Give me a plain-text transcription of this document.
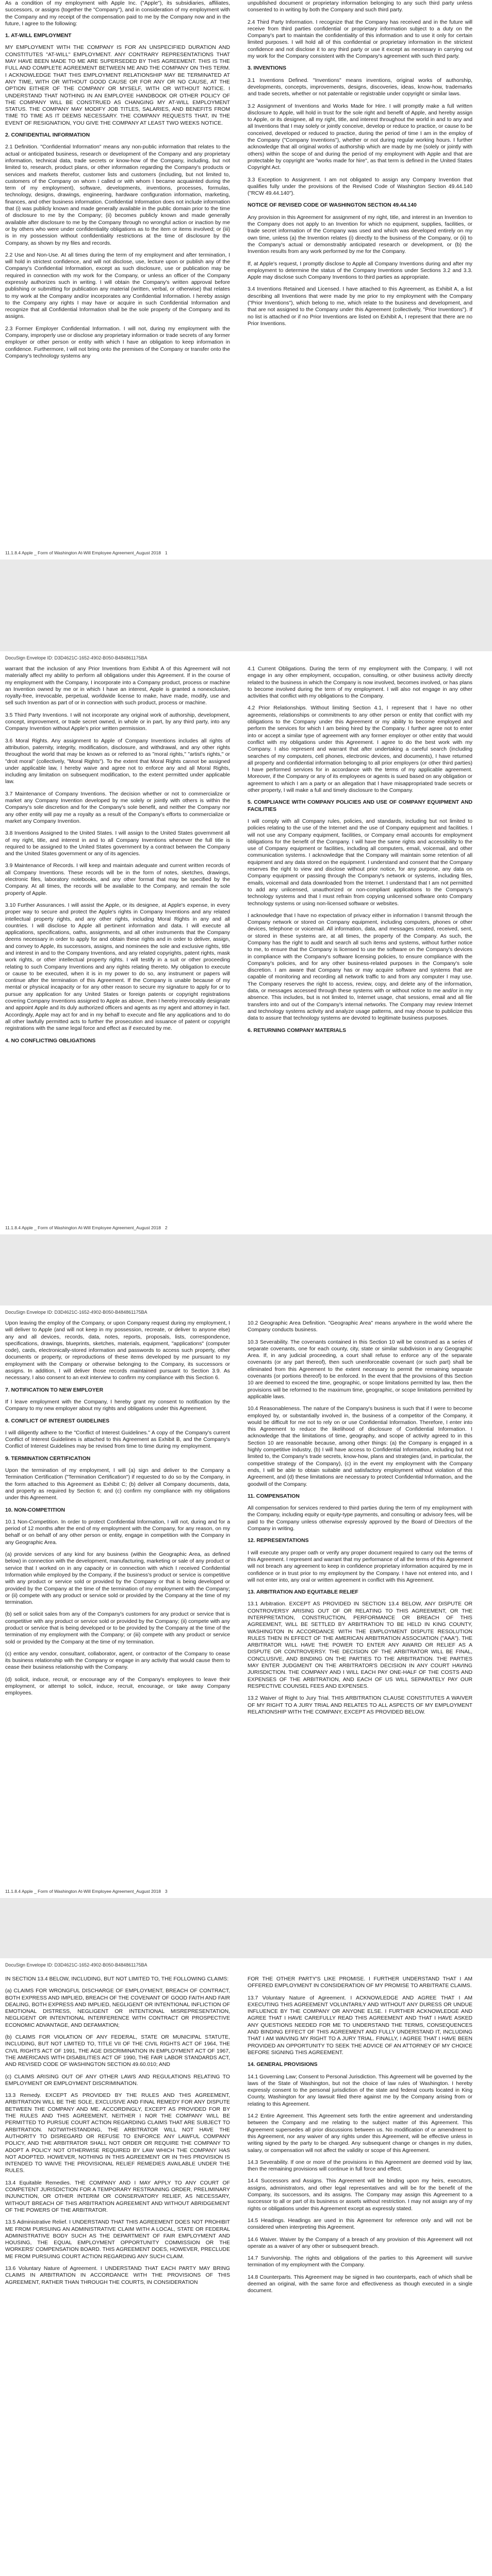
As a condition of my employment with Apple Inc. ("Apple"), its subsidiaries, affiliates, successors, or assigns (together the "Company"), and in consideration of my employment with the Company and my receipt of the compensation paid to me by the Company now and in the future, I agree to the following:

1. AT-WILL EMPLOYMENT

MY EMPLOYMENT WITH THE COMPANY IS FOR AN UNSPECIFIED DURATION AND CONSTITUTES "AT-WILL" EMPLOYMENT. ANY CONTRARY REPRESENTATIONS THAT MAY HAVE BEEN MADE TO ME ARE SUPERSEDED BY THIS AGREEMENT. THIS IS THE FULL AND COMPLETE AGREEMENT BETWEEN ME AND THE COMPANY ON THIS TERM. I ACKNOWLEDGE THAT THIS EMPLOYMENT RELATIONSHIP MAY BE TERMINATED AT ANY TIME, WITH OR WITHOUT GOOD CAUSE OR FOR ANY OR NO CAUSE, AT THE OPTION EITHER OF THE COMPANY OR MYSELF, WITH OR WITHOUT NOTICE. I UNDERSTAND THAT NOTHING IN AN EMPLOYEE HANDBOOK OR OTHER POLICY OF THE COMPANY WILL BE CONSTRUED AS CHANGING MY AT-WILL EMPLOYMENT STATUS. THE COMPANY MAY MODIFY JOB TITLES, SALARIES, AND BENEFITS FROM TIME TO TIME AS IT DEEMS NECESSARY. THE COMPANY REQUESTS THAT, IN THE EVENT OF RESIGNATION, YOU GIVE THE COMPANY AT LEAST TWO WEEKS NOTICE.

2. CONFIDENTIAL INFORMATION

2.1 Definition. "Confidential Information" means any non-public information that relates to the actual or anticipated business, research or development of the Company and any proprietary information, technical data, trade secrets or know-how of the Company, including, but not limited to, research, product plans, or other information regarding the Company's products or services and markets therefor, customer lists and customers (including, but not limited to, customers of the Company on whom I called or with whom I became acquainted during the term of my employment), software, developments, inventions, processes, formulas, technology, designs, drawings, engineering, hardware configuration information, marketing, finances, and other business information. Confidential Information does not include information that (i) was publicly known and made generally available in the public domain prior to the time of disclosure to me by the Company; (ii) becomes publicly known and made generally available after disclosure to me by the Company through no wrongful action or inaction by me or by others who were under confidentiality obligations as to the item or items involved; or (iii) is in my possession without confidentiality restrictions at the time of disclosure by the Company, as shown by my files and records.

2.2 Use and Non-Use. At all times during the term of my employment and after termination, I will hold in strictest confidence, and will not disclose, use, lecture upon or publish any of the Company's Confidential Information, except as such disclosure, use or publication may be required in connection with my work for the Company, or unless an officer of the Company expressly authorizes such in writing. I will obtain the Company's written approval before publishing or submitting for publication any material (written, verbal, or otherwise) that relates to my work at the Company and/or incorporates any Confidential Information. I hereby assign to the Company any rights I may have or acquire in such Confidential Information and recognize that all Confidential Information shall be the sole property of the Company and its assigns.

2.3 Former Employer Confidential Information. I will not, during my employment with the Company, improperly use or disclose any proprietary information or trade secrets of any former employer or other person or entity with which I have an obligation to keep information in confidence. Furthermore, I will not bring onto the premises of the Company or transfer onto the Company's technology systems any

unpublished document or proprietary information belonging to any such third party unless consented to in writing by both the Company and such third party.

2.4 Third Party Information. I recognize that the Company has received and in the future will receive from third parties confidential or proprietary information subject to a duty on the Company's part to maintain the confidentiality of this information and to use it only for certain limited purposes. I will hold all of this confidential or proprietary information in the strictest confidence and not disclose it to any third party or use it except as necessary in carrying out my work for the Company consistent with the Company's agreement with such third party.

3. INVENTIONS

3.1 Inventions Defined. "Inventions" means inventions, original works of authorship, developments, concepts, improvements, designs, discoveries, ideas, know-how, trademarks and trade secrets, whether or not patentable or registrable under copyright or similar laws.

3.2 Assignment of Inventions and Works Made for Hire. I will promptly make a full written disclosure to Apple, will hold in trust for the sole right and benefit of Apple, and hereby assign to Apple, or its designee, all my right, title, and interest throughout the world in and to any and all Inventions that I may solely or jointly conceive, develop or reduce to practice, or cause to be conceived, developed or reduced to practice, during the period of time I am in the employ of the Company ("Company Inventions"), whether or not during regular working hours. I further acknowledge that all original works of authorship which are made by me (solely or jointly with others) within the scope of and during the period of my employment with Apple and that are protectable by copyright are "works made for hire", as that term is defined in the United States Copyright Act.

3.3 Exception to Assignment. I am not obligated to assign any Company Invention that qualifies fully under the provisions of the Revised Code of Washington Section 49.44.140 ("RCW 49.44.140").

NOTICE OF REVISED CODE OF WASHINGTON SECTION 49.44.140

Any provision in this Agreement for assignment of my right, title, and interest in an Invention to the Company does not apply to an Invention for which no equipment, supplies, facilities, or trade secret information of the Company was used and which was developed entirely on my own time, unless (a) the Invention relates (i) directly to the business of the Company, or (ii) to the Company's actual or demonstrably anticipated research or development, or (b) the Invention results from any work performed by me for the Company.

If, at Apple's request, I promptly disclose to Apple all Company Inventions during and after my employment to determine the status of the Company Inventions under Sections 3.2 and 3.3. Apple may disclose such Company Inventions to third parties as appropriate.

3.4 Inventions Retained and Licensed. I have attached to this Agreement, as Exhibit A, a list describing all Inventions that were made by me prior to my employment with the Company ("Prior Inventions"), which belong to me, which relate to the business and development, and that are not assigned to the Company under this Agreement (collectively, "Prior Inventions"). If no list is attached or if no Prior Inventions are listed on Exhibit A, I represent that there are no Prior Inventions.

11.1.8.4 Apple _ Form of Washington At-Will Employee Agreement_August 2018 1
DocuSign Envelope ID: D3D4621C-1652-4902-B050-B484861175BA

warrant that the inclusion of any Prior Inventions from Exhibit A of this Agreement will not materially affect my ability to perform all obligations under this Agreement. If in the course of my employment with the Company, I incorporate into a Company product, process or machine an Invention owned by me or in which I have an interest, Apple is granted a nonexclusive, royalty-free, irrevocable, perpetual, worldwide license to make, have made, modify, use and sell such Invention as part of or in connection with such product, process or machine.

3.5 Third Party Inventions. I will not incorporate any original work of authorship, development, concept, improvement, or trade secret owned, in whole or in part, by any third party, into any Company Invention without Apple's prior written permission.

3.6 Moral Rights. Any assignment to Apple of Company Inventions includes all rights of attribution, paternity, integrity, modification, disclosure, and withdrawal, and any other rights throughout the world that may be known as or referred to as "moral rights," "artist's rights," or "droit moral" (collectively, "Moral Rights"). To the extent that Moral Rights cannot be assigned under applicable law, I hereby waive and agree not to enforce any and all Moral Rights, including any limitation on subsequent modification, to the extent permitted under applicable law.

3.7 Maintenance of Company Inventions. The decision whether or not to commercialize or market any Company Invention developed by me solely or jointly with others is within the Company's sole discretion and for the Company's sole benefit, and neither the Company nor any other entity will pay me a royalty as a result of the Company's efforts to commercialize or market any Company Invention.

3.8 Inventions Assigned to the United States. I will assign to the United States government all of my right, title, and interest in and to all Company Inventions whenever the full title is required to be assigned to the United States government by a contract between the Company and the United States government or any of its agencies.

3.9 Maintenance of Records. I will keep and maintain adequate and current written records of all Company Inventions. These records will be in the form of notes, sketches, drawings, electronic files, laboratory notebooks, and any other format that may be specified by the Company. At all times, the records will be available to the Company, and remain the sole property of Apple.

3.10 Further Assurances. I will assist the Apple, or its designee, at Apple's expense, in every proper way to secure and protect the Apple's rights in Company Inventions and any related intellectual property rights, and any other rights, including Moral Rights in any and all countries. I will disclose to Apple all pertinent information and data. I will execute all applications, specifications, oaths, assignments, and all other instruments that the Company deems necessary in order to apply for and obtain these rights and in order to deliver, assign, and convey to Apple, its successors, assigns, and nominees the sole and exclusive rights, title and interest in and to the Company Inventions, and any related copyrights, patent rights, mask work rights, or other intellectual property rights. I will testify in a suit or other proceeding relating to such Company Inventions and any rights relating thereto. My obligation to execute or cause to be executed, when it is in my power to do so, any instrument or papers will continue after the termination of this Agreement. If the Company is unable because of my mental or physical incapacity or for any other reason to secure my signature to apply for or to pursue any application for any United States or foreign patents or copyright registrations covering Company Inventions assigned to Apple as above, then I hereby irrevocably designate and appoint Apple and its duly authorized officers and agents as my agent and attorney in fact. Accordingly, Apple may act for and in my behalf to execute and file any applications and to do all other lawfully permitted acts to further the prosecution and issuance of patent or copyright registrations with the same legal force and effect as if executed by me.

4. NO CONFLICTING OBLIGATIONS

4.1 Current Obligations. During the term of my employment with the Company, I will not engage in any other employment, occupation, consulting, or other business activity directly related to the business in which the Company is now involved, becomes involved, or has plans to become involved during the term of my employment. I will also not engage in any other activities that conflict with my obligations to the Company.

4.2 Prior Relationships. Without limiting Section 4.1, I represent that I have no other agreements, relationships or commitments to any other person or entity that conflict with my obligations to the Company under this Agreement or my ability to become employed and perform the services for which I am being hired by the Company. I further agree not to enter into or accept a similar type of agreement with any former employer or other entity that would conflict with my obligations under this Agreement. I agree to do the best work with my Company. I also represent and warrant that after undertaking a careful search (including searches of my computers, cell phones, electronic devices, and documents), I have returned all property and confidential information belonging to all prior employers (or other third parties) I have performed services for in accordance with the terms of my applicable agreement. Moreover, if the Company or any of its employees or agents is sued based on any obligation or agreement to which I am a party or an allegation that I have misappropriated trade secrets or other property, I will make a full and timely disclosure to the Company.

5. COMPLIANCE WITH COMPANY POLICIES AND USE OF COMPANY EQUIPMENT AND FACILITIES

I will comply with all Company rules, policies, and standards, including but not limited to policies relating to the use of the Internet and the use of Company equipment and facilities. I will not use any Company equipment, facilities, or Company email accounts for employment obligations for the benefit of the Company. I will have the same rights and accessibility to the use of Company equipment or facilities, including all computers, email, voicemail, and other communication systems. I acknowledge that the Company will maintain some retention of all equipment and any data stored on the equipment. I understand and consent that the Company reserves the right to view and disclose without prior notice, for any purpose, any data on Company equipment or passing through the Company's network or systems, including files, emails, voicemail and data downloaded from the Internet. I understand that I am not permitted to add any unlicensed, unauthorized or non-compliant applications to the Company's technology systems and that I must refrain from copying unlicensed software onto Company technology systems or using non-licensed software or websites.

I acknowledge that I have no expectation of privacy either in information I transmit through the Company network or stored on Company equipment, including computers, phones or other devices, telephone or voicemail. All information, data, and messages created, received, sent, or stored in these systems are, at all times, the property of the Company. As such, the Company has the right to audit and search all such items and systems, without further notice to me, to ensure that the Company is licensed to use the software on the Company's devices in compliance with the Company's software licensing policies, to ensure compliance with the Company's policies, and for any other business-related purposes in the Company's sole discretion. I am aware that Company has or may acquire software and systems that are capable of monitoring and recording all network traffic to and from any computer I may use. The Company reserves the right to access, review, copy, and delete any of the information, data, or messages accessed through these systems with or without notice to me and/or in my absence. This includes, but is not limited to, Internet usage, chat sessions, email and all file transfers into and out of the Company's internal networks. The Company may review Internet and technology systems activity and analyze usage patterns, and may choose to publicize this data to assure that technology systems are devoted to legitimate business purposes.

6. RETURNING COMPANY MATERIALS

11.1.8.4 Apple _ Form of Washington At-Will Employee Agreement_August 2018 2
DocuSign Envelope ID: D3D4621C-1652-4902-B050-B484861175BA

Upon leaving the employ of the Company, or upon Company request during my employment, I will deliver to Apple (and will not keep in my possession, recreate, or deliver to anyone else) any and all devices, records, data, notes, reports, proposals, lists, correspondence, specifications, drawings, blueprints, sketches, materials, equipment, "applications" (computer code), cards, electronically-stored information and passwords to access such property, other documents or property, or reproductions of these items developed by me pursuant to my employment with the Company or otherwise belonging to the Company, its successors or assigns. In addition, I will deliver those records maintained pursuant to Section 3.9. As necessary, I also consent to an exit interview to confirm my compliance with this Section 6.

7. NOTIFICATION TO NEW EMPLOYER

If I leave employment with the Company, I hereby grant my consent to notification by the Company to my new employer about my rights and obligations under this Agreement.

8. CONFLICT OF INTEREST GUIDELINES

I will diligently adhere to the "Conflict of Interest Guidelines." A copy of the Company's current Conflict of Interest Guidelines is attached to this Agreement as Exhibit B, and the Company's Conflict of Interest Guidelines may be revised from time to time during my employment.

9. TERMINATION CERTIFICATION

Upon the termination of my employment, I will (a) sign and deliver to the Company a Termination Certification ("Termination Certification") if requested to do so by the Company, in the form attached to this Agreement as Exhibit C; (b) deliver all Company documents, data, and property as required by Section 6; and (c) confirm my compliance with my obligations under this Agreement.

10. NON-COMPETITION

10.1 Non-Competition. In order to protect Confidential Information, I will not, during and for a period of 12 months after the end of my employment with the Company, for any reason, on my behalf or on behalf of any other person or entity, engage in competition with the Company in any Geographic Area.

(a) provide services of any kind for any business (within the Geographic Area, as defined below) in connection with the development, manufacturing, marketing or sale of any product or service that I worked on in any capacity or in connection with which I received Confidential Information while employed by the Company, if the business's product or service is competitive with any product or service sold or provided by the Company or that is being developed or provided by the Company at the time of the termination of my employment with the Company; or (ii) compete with any product or service sold or provided by the Company at the time of my termination.

(b) sell or solicit sales from any of the Company's customers for any product or service that is competitive with any product or service sold or provided by the Company; (ii) compete with any product or service that is being developed or to be provided by the Company at the time of the termination of my employment with the Company; or (iii) compete with any product or service sold or provided by the Company at the time of my termination.

(c) entice any vendor, consultant, collaborator, agent, or contractor of the Company to cease its business relationship with the Company or engage in any activity that would cause them to cease their business relationship with the Company.

(d) solicit, induce, recruit, or encourage any of the Company's employees to leave their employment, or attempt to solicit, induce, recruit, encourage, or take away Company employees.

10.2 Geographic Area Definition. "Geographic Area" means anywhere in the world where the Company conducts business.

10.3 Severability. The covenants contained in this Section 10 will be construed as a series of separate covenants, one for each county, city, state or similar subdivision in any Geographic Area. If, in any judicial proceeding, a court shall refuse to enforce any of the separate covenants (or any part thereof), then such unenforceable covenant (or such part) shall be eliminated from this Agreement to the extent necessary to permit the remaining separate covenants (or portions thereof) to be enforced. In the event that the provisions of this Section 10 are deemed to exceed the time, geographic, or scope limitations permitted by law, then the provisions will be reformed to the maximum time, geographic, or scope limitations permitted by applicable laws.

10.4 Reasonableness. The nature of the Company's business is such that if I were to become employed by, or substantially involved in, the business of a competitor of the Company, it would be difficult for me not to rely on or use Confidential Information. Therefore, I enter into this Agreement to reduce the likelihood of disclosure of Confidential Information. I acknowledge that the limitations of time, geography, and scope of activity agreed to in this Section 10 are reasonable because, among other things: (a) the Company is engaged in a highly competitive industry, (b) I will have access to Confidential Information, including but not limited to, the Company's trade secrets, know-how, plans and strategies (and, in particular, the competitive strategy of the Company), (c) in the event my employment with the Company ends, I will be able to obtain suitable and satisfactory employment without violation of this Agreement, and (d) these limitations are necessary to protect Confidential Information, and the goodwill of the Company.

11. COMPENSATION

All compensation for services rendered to third parties during the term of my employment with the Company, including equity or equity-type payments, and consulting or advisory fees, will be paid to the Company unless otherwise expressly approved by the Board of Directors of the Company in writing.

12. REPRESENTATIONS

I will execute any proper oath or verify any proper document required to carry out the terms of this Agreement. I represent and warrant that my performance of all the terms of this Agreement will not breach any agreement to keep in confidence proprietary information acquired by me in confidence or in trust prior to my employment by the Company. I have not entered into, and I will not enter into, any oral or written agreement in conflict with this Agreement.

13. ARBITRATION AND EQUITABLE RELIEF

13.1 Arbitration. EXCEPT AS PROVIDED IN SECTION 13.4 BELOW, ANY DISPUTE OR CONTROVERSY ARISING OUT OF OR RELATING TO THIS AGREEMENT, OR THE INTERPRETATION, CONSTRUCTION, PERFORMANCE OR BREACH OF THIS AGREEMENT, WILL BE SETTLED BY ARBITRATION TO BE HELD IN KING COUNTY, WASHINGTON IN ACCORDANCE WITH THE EMPLOYMENT DISPUTE RESOLUTION RULES THEN IN EFFECT OF THE AMERICAN ARBITRATION ASSOCIATION ("AAA"). THE ARBITRATOR WILL HAVE THE POWER TO ENTER ANY AWARD OR RELIEF AS A DISPUTE OR CONTROVERSY. THE DECISION OF THE ARBITRATOR WILL BE FINAL, CONCLUSIVE, AND BINDING ON THE PARTIES TO THE ARBITRATION. THE PARTIES MAY ENTER JUDGMENT ON THE ARBITRATOR'S DECISION IN ANY COURT HAVING JURISDICTION. THE COMPANY AND I WILL EACH PAY ONE-HALF OF THE COSTS AND EXPENSES OF THE ARBITRATION, AND EACH OF US WILL SEPARATELY PAY OUR RESPECTIVE COUNSEL FEES AND EXPENSES.

13.2 Waiver of Right to Jury Trial. THIS ARBITRATION CLAUSE CONSTITUTES A WAIVER OF MY RIGHT TO A JURY TRIAL AND RELATES TO ALL ASPECTS OF MY EMPLOYMENT RELATIONSHIP WITH THE COMPANY, EXCEPT AS PROVIDED BELOW.

11.1.8.4 Apple _ Form of Washington At-Will Employee Agreement_August 2018 3
DocuSign Envelope ID: D3D4621C-1652-4902-B050-B484861175BA

IN SECTION 13.4 BELOW, INCLUDING, BUT NOT LIMITED TO, THE FOLLOWING CLAIMS:

(a) CLAIMS FOR WRONGFUL DISCHARGE OF EMPLOYMENT, BREACH OF CONTRACT, BOTH EXPRESS AND IMPLIED, BREACH OF THE COVENANT OF GOOD FAITH AND FAIR DEALING, BOTH EXPRESS AND IMPLIED, NEGLIGENT OR INTENTIONAL INFLICTION OF EMOTIONAL DISTRESS, NEGLIGENT OR INTENTIONAL MISREPRESENTATION, NEGLIGENT OR INTENTIONAL INTERFERENCE WITH CONTRACT OR PROSPECTIVE ECONOMIC ADVANTAGE, AND DEFAMATION;

(b) CLAIMS FOR VIOLATION OF ANY FEDERAL, STATE OR MUNICIPAL STATUTE, INCLUDING, BUT NOT LIMITED TO, TITLE VII OF THE CIVIL RIGHTS ACT OF 1964, THE CIVIL RIGHTS ACT OF 1991, THE AGE DISCRIMINATION IN EMPLOYMENT ACT OF 1967, THE AMERICANS WITH DISABILITIES ACT OF 1990, THE FAIR LABOR STANDARDS ACT, AND REVISED CODE OF WASHINGTON SECTION 49.60.010; AND

(c) CLAIMS ARISING OUT OF ANY OTHER LAWS AND REGULATIONS RELATING TO EMPLOYMENT OR EMPLOYMENT DISCRIMINATION.

13.3 Remedy. EXCEPT AS PROVIDED BY THE RULES AND THIS AGREEMENT, ARBITRATION WILL BE THE SOLE, EXCLUSIVE AND FINAL REMEDY FOR ANY DISPUTE BETWEEN THE COMPANY AND ME. ACCORDINGLY, EXCEPT AS PROVIDED FOR BY THE RULES AND THIS AGREEMENT, NEITHER I NOR THE COMPANY WILL BE PERMITTED TO PURSUE COURT ACTION REGARDING CLAIMS THAT ARE SUBJECT TO ARBITRATION. NOTWITHSTANDING, THE ARBITRATOR WILL NOT HAVE THE AUTHORITY TO DISREGARD OR REFUSE TO ENFORCE ANY LAWFUL COMPANY POLICY, AND THE ARBITRATOR SHALL NOT ORDER OR REQUIRE THE COMPANY TO ADOPT A POLICY NOT OTHERWISE REQUIRED BY LAW WHICH THE COMPANY HAS NOT ADOPTED. HOWEVER, NOTHING IN THIS AGREEMENT OR IN THIS PROVISION IS INTENDED TO WAIVE THE PROVISIONAL RELIEF REMEDIES AVAILABLE UNDER THE RULES.

13.4 Equitable Remedies. THE COMPANY AND I MAY APPLY TO ANY COURT OF COMPETENT JURISDICTION FOR A TEMPORARY RESTRAINING ORDER, PRELIMINARY INJUNCTION, OR OTHER INTERIM OR CONSERVATORY RELIEF, AS NECESSARY, WITHOUT BREACH OF THIS ARBITRATION AGREEMENT AND WITHOUT ABRIDGEMENT OF THE POWERS OF THE ARBITRATOR.

13.5 Administrative Relief. I UNDERSTAND THAT THIS AGREEMENT DOES NOT PROHIBIT ME FROM PURSUING AN ADMINISTRATIVE CLAIM WITH A LOCAL, STATE OR FEDERAL ADMINISTRATIVE BODY SUCH AS THE DEPARTMENT OF FAIR EMPLOYMENT AND HOUSING, THE EQUAL EMPLOYMENT OPPORTUNITY COMMISSION OR THE WORKERS' COMPENSATION BOARD. THIS AGREEMENT DOES, HOWEVER, PRECLUDE ME FROM PURSUING COURT ACTION REGARDING ANY SUCH CLAIM.

13.6 Voluntary Nature of Agreement. I UNDERSTAND THAT EACH PARTY MAY BRING CLAIMS IN ARBITRATION IN ACCORDANCE WITH THE PROVISIONS OF THIS AGREEMENT, RATHER THAN THROUGH THE COURTS, IN CONSIDERATION

FOR THE OTHER PARTY'S LIKE PROMISE. I FURTHER UNDERSTAND THAT I AM OFFERED EMPLOYMENT IN CONSIDERATION OF MY PROMISE TO ARBITRATE CLAIMS.

13.7 Voluntary Nature of Agreement. I ACKNOWLEDGE AND AGREE THAT I AM EXECUTING THIS AGREEMENT VOLUNTARILY AND WITHOUT ANY DURESS OR UNDUE INFLUENCE BY THE COMPANY OR ANYONE ELSE. I FURTHER ACKNOWLEDGE AND AGREE THAT I HAVE CAREFULLY READ THIS AGREEMENT AND THAT I HAVE ASKED ANY QUESTIONS NEEDED FOR ME TO UNDERSTAND THE TERMS, CONSEQUENCES AND BINDING EFFECT OF THIS AGREEMENT AND FULLY UNDERSTAND IT, INCLUDING THAT I AM WAIVING MY RIGHT TO A JURY TRIAL. FINALLY, I AGREE THAT I HAVE BEEN PROVIDED AN OPPORTUNITY TO SEEK THE ADVICE OF AN ATTORNEY OF MY CHOICE BEFORE SIGNING THIS AGREEMENT.

14. GENERAL PROVISIONS

14.1 Governing Law; Consent to Personal Jurisdiction. This Agreement will be governed by the laws of the State of Washington, but not the choice of law rules of Washington. I hereby expressly consent to the personal jurisdiction of the state and federal courts located in King County, Washington for any lawsuit filed there against me by the Company arising from or relating to this Agreement.

14.2 Entire Agreement. This Agreement sets forth the entire agreement and understanding between the Company and me relating to the subject matter of this Agreement. This Agreement supersedes all prior discussions between us. No modification of or amendment to this Agreement, nor any waiver of any rights under this Agreement, will be effective unless in writing signed by the party to be charged. Any subsequent change or changes in my duties, salary, or compensation will not affect the validity or scope of this Agreement.

14.3 Severability. If one or more of the provisions in this Agreement are deemed void by law, then the remaining provisions will continue in full force and effect.

14.4 Successors and Assigns. This Agreement will be binding upon my heirs, executors, assigns, administrators, and other legal representatives and will be for the benefit of the Company, its successors, and its assigns. The Company may assign this Agreement to a successor to all or part of its business or assets without restriction. I may not assign any of my rights or obligations under this Agreement except as expressly stated.

14.5 Headings. Headings are used in this Agreement for reference only and will not be considered when interpreting this Agreement.

14.6 Waiver. Waiver by the Company of a breach of any provision of this Agreement will not operate as a waiver of any other or subsequent breach.

14.7 Survivorship. The rights and obligations of the parties to this Agreement will survive termination of my employment with the Company.

14.8 Counterparts. This Agreement may be signed in two counterparts, each of which shall be deemed an original, with the same force and effectiveness as though executed in a single document.
